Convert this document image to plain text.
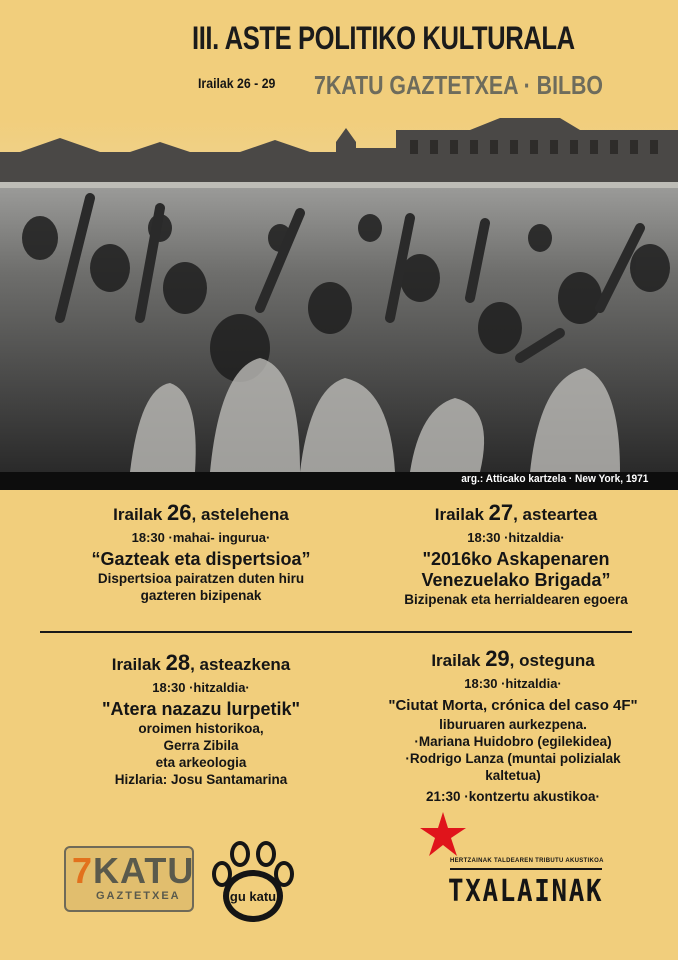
III. ASTE POLITIKO KULTURALA
Irailak 26 - 29 7KATU GAZTETXEA · BILBO
arg.: Atticako kartzela · New York, 1971
Irailak 26, astelehena
18:30 ·mahai- ingurua·
“Gazteak eta dispertsioa”
Dispertsioa pairatzen duten hiru
gazteren bizipenak
Irailak 27, asteartea
18:30 ·hitzaldia·
"2016ko Askapenaren
Venezuelako Brigada”
Bizipenak eta herrialdearen egoera
Irailak 28, asteazkena
18:30 ·hitzaldia·
"Atera nazazu lurpetik"
oroimen historikoa,
Gerra Zibila
eta arkeologia
Hizlaria: Josu Santamarina
Irailak 29, osteguna
18:30 ·hitzaldia·
"Ciutat Morta, crónica del caso 4F"
liburuaren aurkezpena.
·Mariana Huidobro (egilekidea)
·Rodrigo Lanza (muntai polizialak
kaltetua)
21:30 ·kontzertu akustikoa·
7KATU
GAZTETXEA	gu katu
HERTZAINAK TALDEAREN TRIBUTU AKUSTIKOA
TXALAINAK
